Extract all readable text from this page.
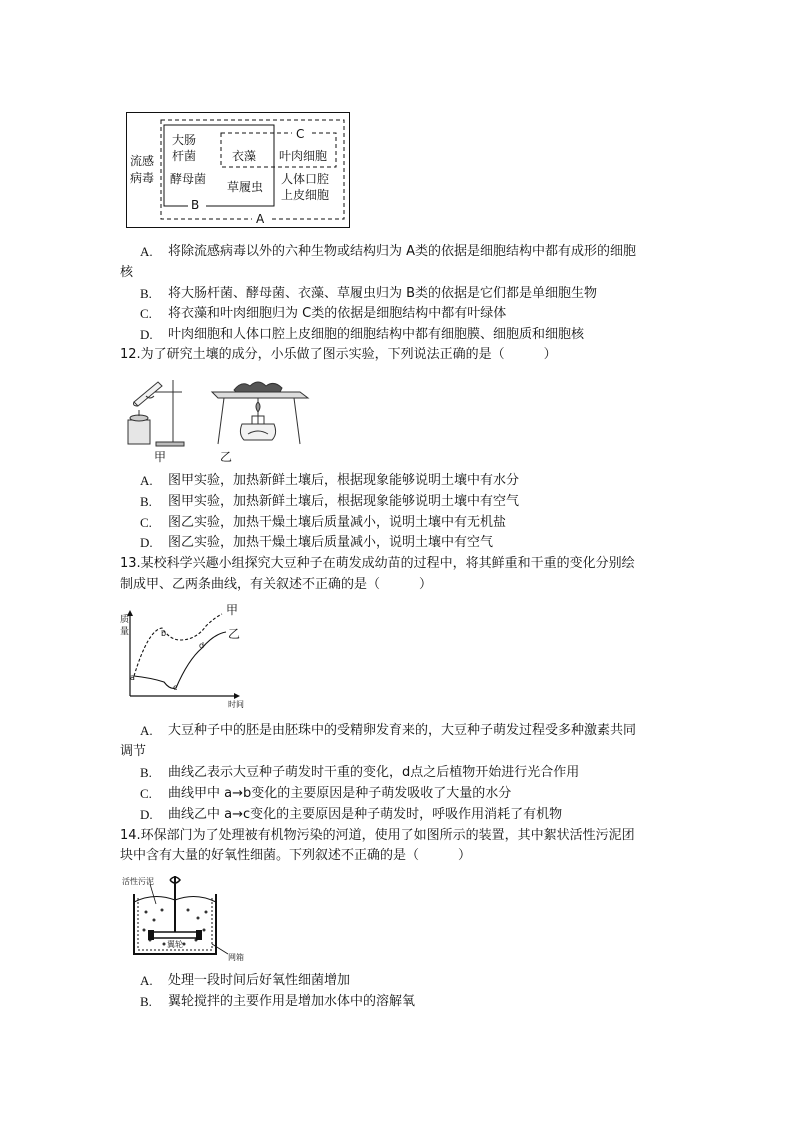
流感
病毒
大肠
杆菌
酵母菌
衣藻
草履虫
叶肉细胞
人体口腔
上皮细胞
C
B
A
A. 将除流感病毒以外的六种生物或结构归为 A类的依据是细胞结构中都有成形的细胞
核
B. 将大肠杆菌、酵母菌、衣藻、草履虫归为 B类的依据是它们都是单细胞生物
C. 将衣藻和叶肉细胞归为 C类的依据是细胞结构中都有叶绿体
D. 叶肉细胞和人体口腔上皮细胞的细胞结构中都有细胞膜、细胞质和细胞核
12.为了研究土壤的成分，小乐做了图示实验，下列说法正确的是（　　　）
甲	乙
A. 图甲实验，加热新鲜土壤后，根据现象能够说明土壤中有水分
B. 图甲实验，加热新鲜土壤后，根据现象能够说明土壤中有空气
C. 图乙实验，加热干燥土壤后质量减小，说明土壤中有无机盐
D. 图乙实验，加热干燥土壤后质量减小，说明土壤中有空气
13.某校科学兴趣小组探究大豆种子在萌发成幼苗的过程中，将其鲜重和干重的变化分别绘
制成甲、乙两条曲线，有关叙述不正确的是（　　　）
质
量
时间
a
b
c
d
甲
乙
A. 大豆种子中的胚是由胚珠中的受精卵发育来的，大豆种子萌发过程受多种激素共同
调节
B. 曲线乙表示大豆种子萌发时干重的变化，d点之后植物开始进行光合作用
C. 曲线甲中 a→b变化的主要原因是种子萌发吸收了大量的水分
D. 曲线乙中 a→c变化的主要原因是种子萌发时，呼吸作用消耗了有机物
14.环保部门为了处理被有机物污染的河道，使用了如图所示的装置，其中絮状活性污泥团
块中含有大量的好氧性细菌。下列叙述不正确的是（　　　）
活性污泥
翼轮
网箱
A. 处理一段时间后好氧性细菌增加
B. 翼轮搅拌的主要作用是增加水体中的溶解氧
